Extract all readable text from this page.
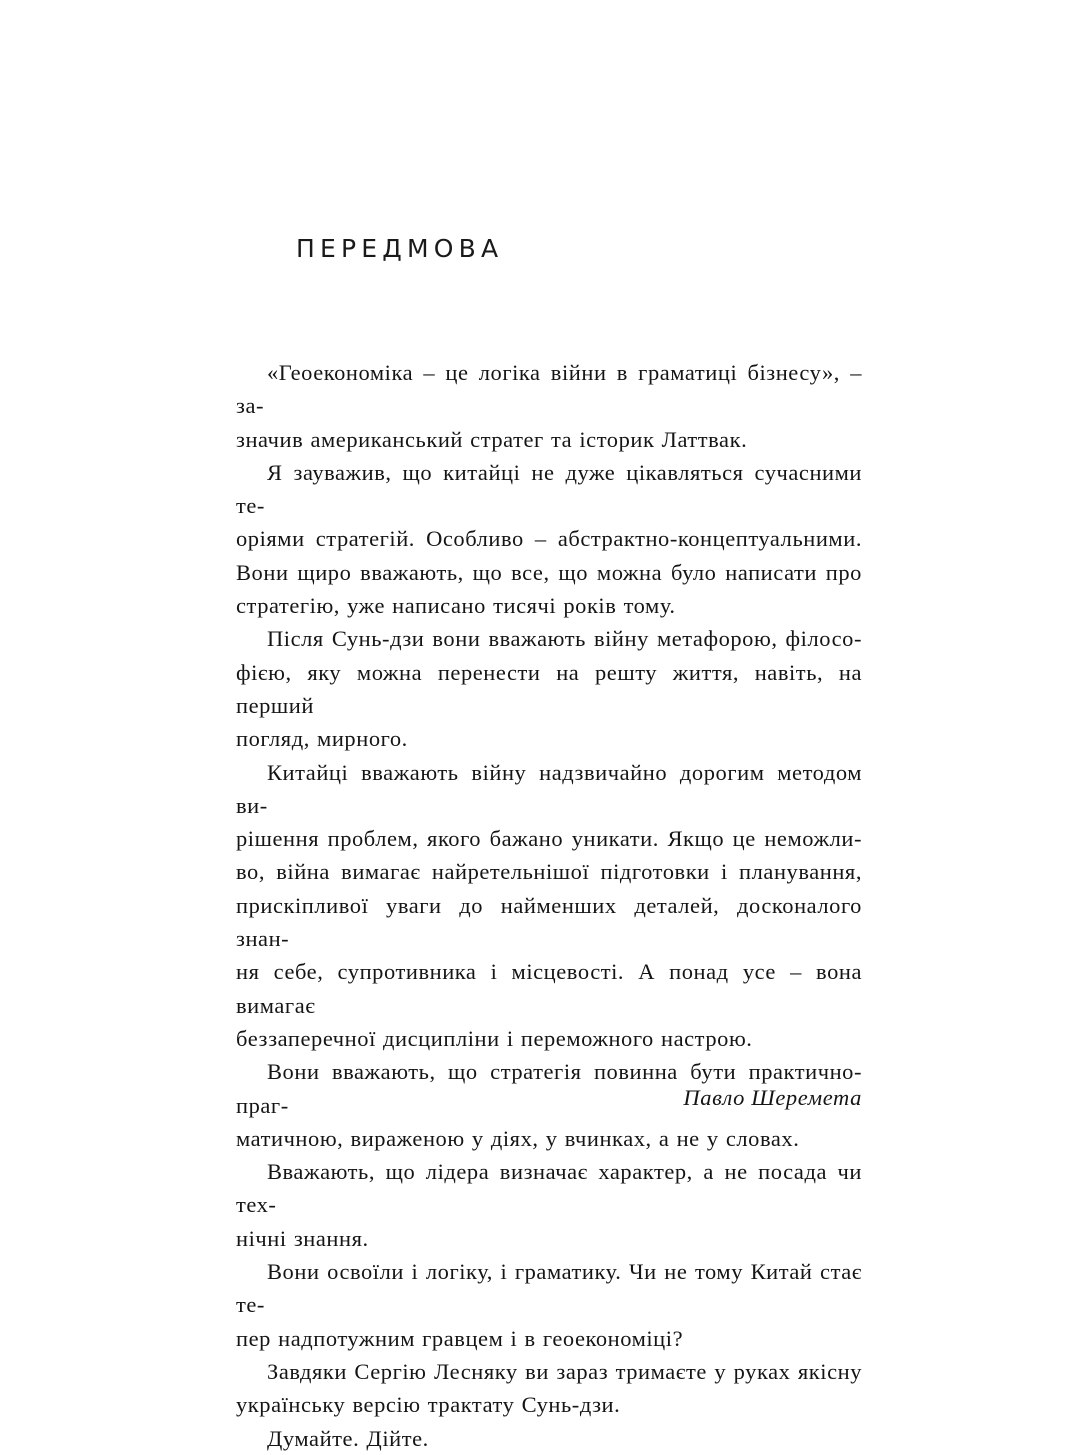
ПЕРЕДМОВА

«Геоекономіка – це логіка війни в граматиці бізнесу», – за-
значив американський стратег та історик Латтвак.

Я зауважив, що китайці не дуже цікавляться сучасними те-
оріями стратегій. Особливо – абстрактно-концептуальними.
Вони щиро вважають, що все, що можна було написати про
стратегію, уже написано тисячі років тому.

Після Сунь-дзи вони вважають війну метафорою, філосо-
фією, яку можна перенести на решту життя, навіть, на перший
погляд, мирного.

Китайці вважають війну надзвичайно дорогим методом ви-
рішення проблем, якого бажано уникати. Якщо це неможли-
во, війна вимагає найретельнішої підготовки і планування,
прискіпливої уваги до найменших деталей, досконалого знан-
ня себе, супротивника і місцевості. А понад усе – вона вимагає
беззаперечної дисципліни і переможного настрою.

Вони вважають, що стратегія повинна бути практично-праг-
матичною, вираженою у діях, у вчинках, а не у словах.

Вважають, що лідера визначає характер, а не посада чи тех-
нічні знання.

Вони освоїли і логіку, і граматику. Чи не тому Китай стає те-
пер надпотужним гравцем і в геоекономіці?

Завдяки Сергію Лесняку ви зараз тримаєте у руках якісну
українську версію трактату Сунь-дзи.

Думайте. Дійте.

Павло Шеремета
